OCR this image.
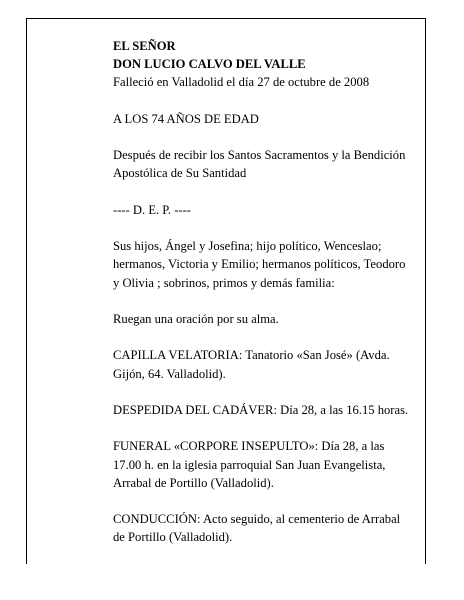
EL SEÑOR
DON LUCIO CALVO DEL VALLE
Falleció en Valladolid el día 27 de octubre de 2008
A LOS 74 AÑOS DE EDAD
Después de recibir los Santos Sacramentos y la Bendición Apostólica de Su Santidad
---- D. E. P. ----
Sus hijos, Ángel y Josefina; hijo político, Wenceslao; hermanos, Victoria y Emilio; hermanos políticos, Teodoro y Olivia ; sobrinos, primos y demás familia:
Ruegan una oración por su alma.
CAPILLA VELATORIA: Tanatorio «San José» (Avda. Gijón, 64. Valladolid).
DESPEDIDA DEL CADÁVER: Día 28, a las 16.15 horas.
FUNERAL «CORPORE INSEPULTO»: Día 28, a las 17.00 h. en la iglesia parroquial San Juan Evangelista, Arrabal de Portillo (Valladolid).
CONDUCCIÓN: Acto seguido, al cementerio de Arrabal de Portillo (Valladolid).
